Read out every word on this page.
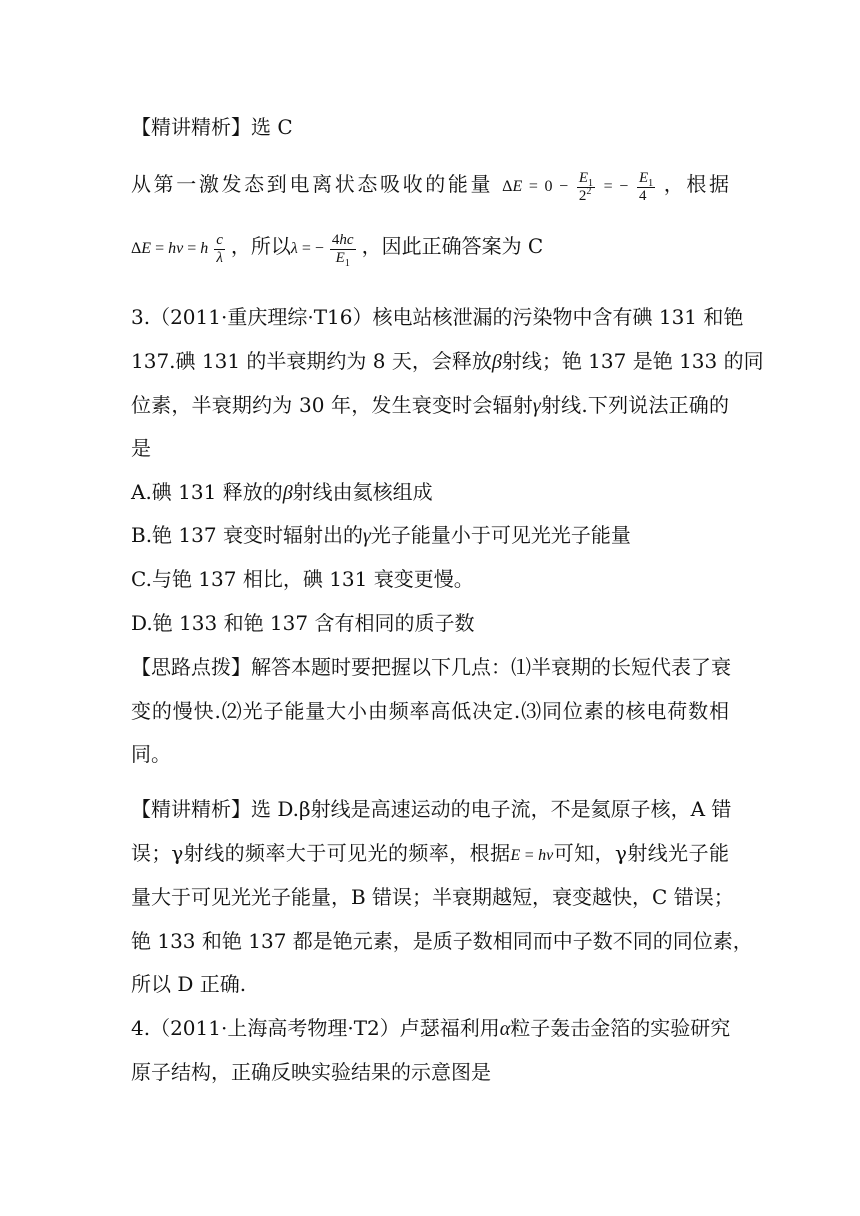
【精讲精析】选 C
从第一激发态到电离状态吸收的能量 $\Delta E = 0 - \frac{E_1}{2^2}$ = − $\frac{E_1}{4}$ ，根据
ΔE = hν = h $\frac{c}{\lambda}$ ，所以λ = − $\frac{4hc}{E_1}$ ，因此正确答案为 C
3.（2011·重庆理综·T16）核电站核泄漏的污染物中含有碘 131 和铯
137.碘 131 的半衰期约为 8 天，会释放β射线；铯 137 是铯 133 的同
位素，半衰期约为 30 年，发生衰变时会辐射γ射线.下列说法正确的
是
A.碘 131 释放的β射线由氦核组成
B.铯 137 衰变时辐射出的γ光子能量小于可见光光子能量
C.与铯 137 相比，碘 131 衰变更慢。
D.铯 133 和铯 137 含有相同的质子数
【思路点拨】解答本题时要把握以下几点：⑴半衰期的长短代表了衰
变的慢快.⑵光子能量大小由频率高低决定.⑶同位素的核电荷数相
同。
【精讲精析】选 D.β射线是高速运动的电子流，不是氦原子核，A 错
误；γ射线的频率大于可见光的频率，根据E = hν可知，γ射线光子能
量大于可见光光子能量，B 错误；半衰期越短，衰变越快，C 错误；
铯 133 和铯 137 都是铯元素，是质子数相同而中子数不同的同位素，
所以 D 正确.
4.（2011·上海高考物理·T2）卢瑟福利用α粒子轰击金箔的实验研究
原子结构，正确反映实验结果的示意图是
